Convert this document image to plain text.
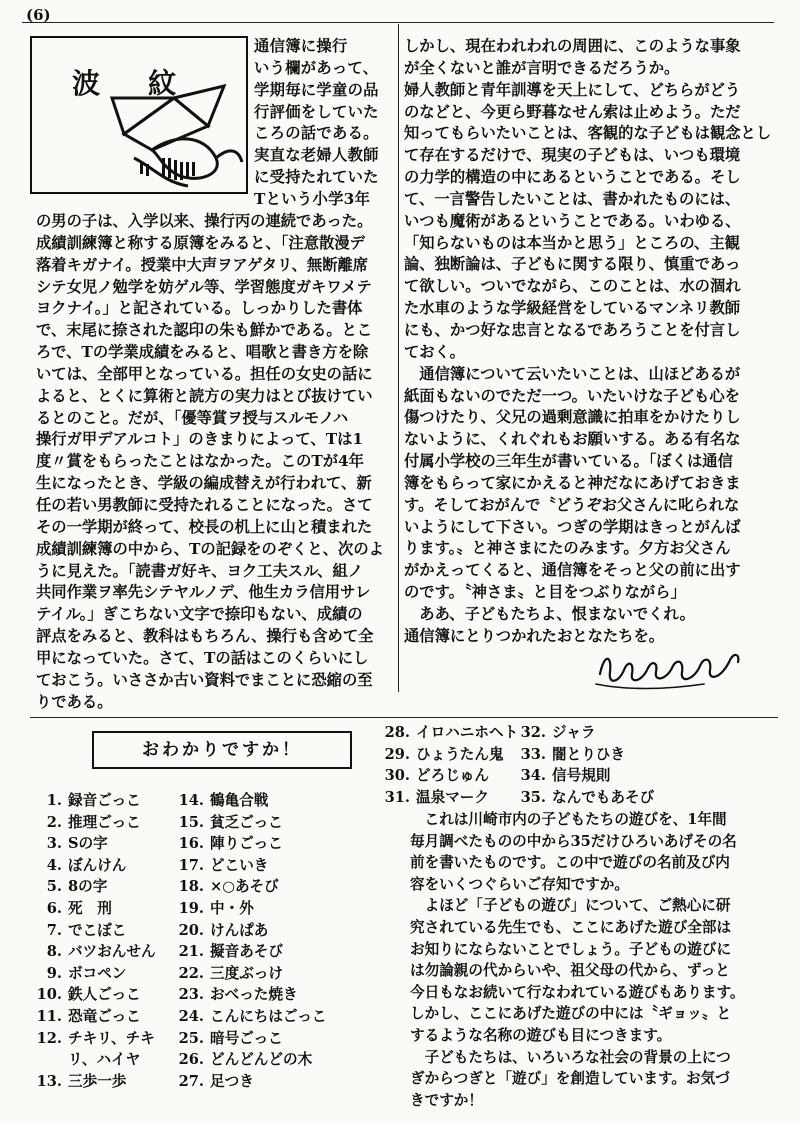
(6)
波　紋
通信簿に操行
いう欄があって、
学期毎に学童の品
行評価をしていた
ころの話である。
実直な老婦人教師
に受持たれていた
Tという小学3年
の男の子は、入学以来、操行丙の連続であった。
成績訓練簿と称する原簿をみると、「注意散漫デ
落着キガナイ。授業中大声ヲアゲタリ、無断離席
シテ女児ノ勉学を妨ゲル等、学習態度ガキワメテ
ヨクナイ。」と記されている。しっかりした書体
で、末尾に捺された認印の朱も鮮かである。とこ
ろで、Tの学業成績をみると、唱歌と書き方を除
いては、全部甲となっている。担任の女史の話に
よると、とくに算術と読方の実力はとび抜けてい
るとのこと。だが、「優等賞ヲ授与スルモノハ
操行ガ甲デアルコト」のきまりによって、Tは1
度〃賞をもらったことはなかった。このTが4年
生になったとき、学級の編成替えが行われて、新
任の若い男教師に受持たれることになった。さて
その一学期が終って、校長の机上に山と積まれた
成績訓練簿の中から、Tの記録をのぞくと、次のよ
うに見えた。「読書ガ好キ、ヨク工夫スル、組ノ
共同作業ヲ率先シテヤルノデ、他生カラ信用サレ
テイル。」ぎこちない文字で捺印もない、成績の
評点をみると、教科はもちろん、操行も含めて全
甲になっていた。さて、Tの話はこのくらいにし
ておこう。いささか古い資料でまことに恐縮の至
りである。
しかし、現在われわれの周囲に、このような事象
が全くないと誰が言明できるだろうか。
婦人教師と青年訓導を天上にして、どちらがどう
のなどと、今更ら野暮なせん索は止めよう。ただ
知ってもらいたいことは、客観的な子どもは観念とし
て存在するだけで、現実の子どもは、いつも環境
の力学的構造の中にあるということである。そし
て、一言警告したいことは、書かれたものには、
いつも魔術があるということである。いわゆる、
「知らないものは本当かと思う」ところの、主観
論、独断論は、子どもに関する限り、慎重であっ
て欲しい。ついでながら、このことは、水の涸れ
た水車のような学級経営をしているマンネリ教師
にも、かつ好な忠言となるであろうことを付言し
ておく。
　通信簿について云いたいことは、山ほどあるが
紙面もないのでただ一つ。いたいけな子ども心を
傷つけたり、父兄の過剰意識に拍車をかけたりし
ないように、くれぐれもお願いする。ある有名な
付属小学校の三年生が書いている。「ぼくは通信
簿をもらって家にかえると神だなにあげておきま
す。そしておがんで〝どうぞお父さんに叱られな
いようにして下さい。つぎの学期はきっとがんば
ります。〟と神さまにたのみます。夕方お父さん
がかえってくると、通信簿をそっと父の前に出す
のです。〝神さま〟と目をつぶりながら」
　ああ、子どもたちよ、恨まないでくれ。
通信簿にとりつかれたおとなたちを。
おわかりですか！
1. 録音ごっこ
2. 推理ごっこ
3. Sの字
4. ぼんけん
5. 8の字
6. 死　刑
7. でこぼこ
8. バツおんせん
9. ボコペン
10. 鉄人ごっこ
11. 恐竜ごっこ
12. チキリ、チキ
リ、ハイヤ
13. 三歩一歩
14. 鶴亀合戦
15. 貧乏ごっこ
16. 陣りごっこ
17. どこいき
18. ×○あそび
19. 中・外
20. けんぱあ
21. 擬音あそび
22. 三度ぶっけ
23. おべった焼き
24. こんにちはごっこ
25. 暗号ごっこ
26. どんどんどの木
27. 足つき
28. イロハニホヘト
29. ひょうたん鬼
30. どろじゅん
31. 温泉マーク
32. ジャラ
33. 闇とりひき
34. 信号規則
35. なんでもあそび
　これは川崎市内の子どもたちの遊びを、1年間
毎月調べたものの中から35だけひろいあげその名
前を書いたものです。この中で遊びの名前及び内
容をいくつぐらいご存知ですか。
　よほど「子どもの遊び」について、ご熱心に研
究されている先生でも、ここにあげた遊び全部は
お知りにならないことでしょう。子どもの遊びに
は勿論親の代からいや、祖父母の代から、ずっと
今日もなお続いて行なわれている遊びもあります。
しかし、ここにあげた遊びの中には〝ギョッ〟と
するような名称の遊びも目につきます。
　子どもたちは、いろいろな社会の背景の上につ
ぎからつぎと「遊び」を創造しています。お気づ
きですか！
